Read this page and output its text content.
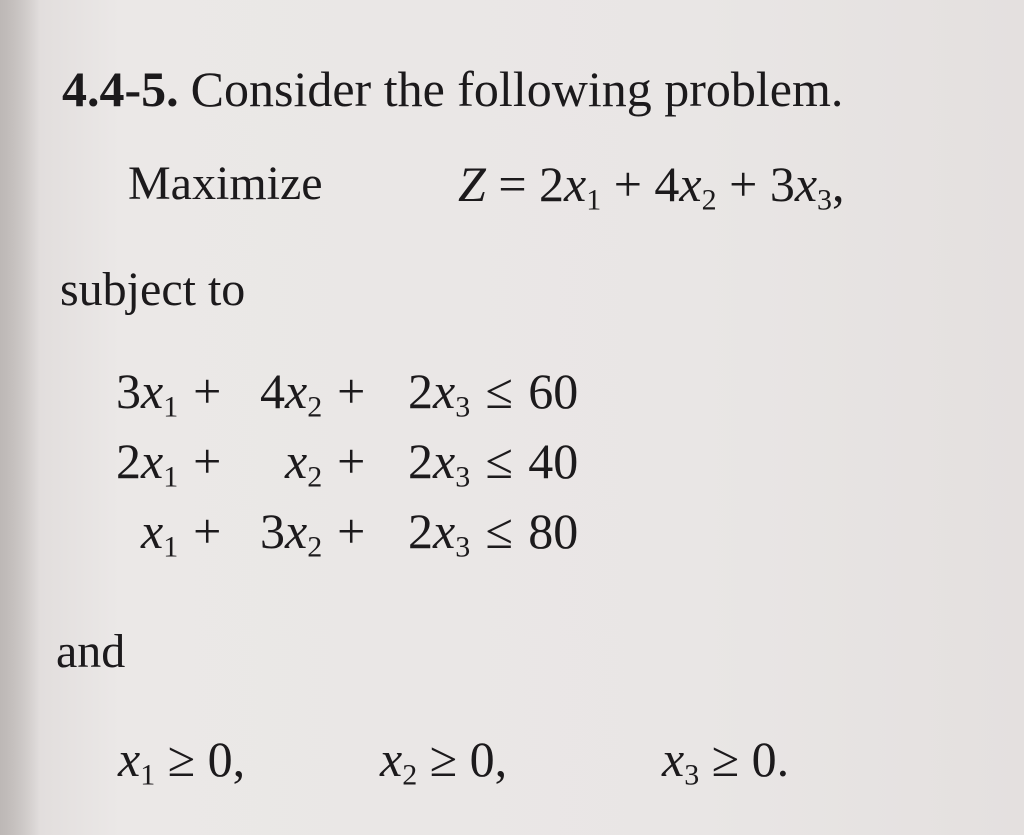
4.4-5. Consider the following problem.
Maximize	$Z = 2x_1 + 4x_2 + 3x_3$,
subject to
$3x_1$	+	$4x_2$	+	$2x_3$	≤	60
$2x_1$	+	$x_2$	+	$2x_3$	≤	40
$x_1$	+	$3x_2$	+	$2x_3$	≤	80
and
$x_1 \ge 0$,	$x_2 \ge 0$,	$x_3 \ge 0$.
